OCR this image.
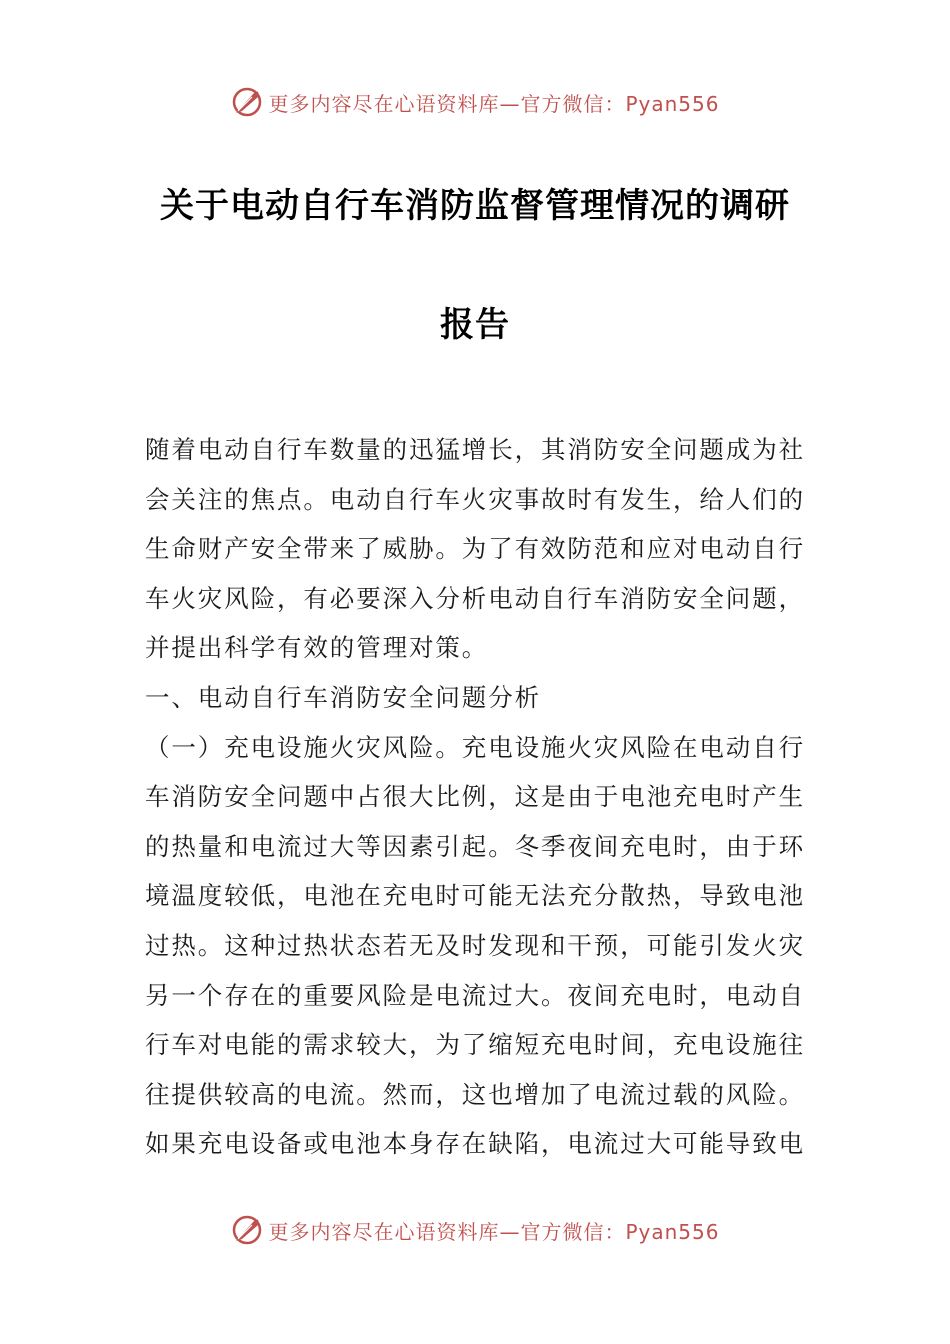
更多内容尽在心语资料库—官方微信：Pyan556
关于电动自行车消防监督管理情况的调研
报告
随着电动自行车数量的迅猛增长，其消防安全问题成为社
会关注的焦点。电动自行车火灾事故时有发生，给人们的
生命财产安全带来了威胁。为了有效防范和应对电动自行
车火灾风险，有必要深入分析电动自行车消防安全问题，
并提出科学有效的管理对策。
一、电动自行车消防安全问题分析
（一）充电设施火灾风险。充电设施火灾风险在电动自行
车消防安全问题中占很大比例，这是由于电池充电时产生
的热量和电流过大等因素引起。冬季夜间充电时，由于环
境温度较低，电池在充电时可能无法充分散热，导致电池
过热。这种过热状态若无及时发现和干预，可能引发火灾
另一个存在的重要风险是电流过大。夜间充电时，电动自
行车对电能的需求较大，为了缩短充电时间，充电设施往
往提供较高的电流。然而，这也增加了电流过载的风险。
如果充电设备或电池本身存在缺陷，电流过大可能导致电
更多内容尽在心语资料库—官方微信：Pyan556
